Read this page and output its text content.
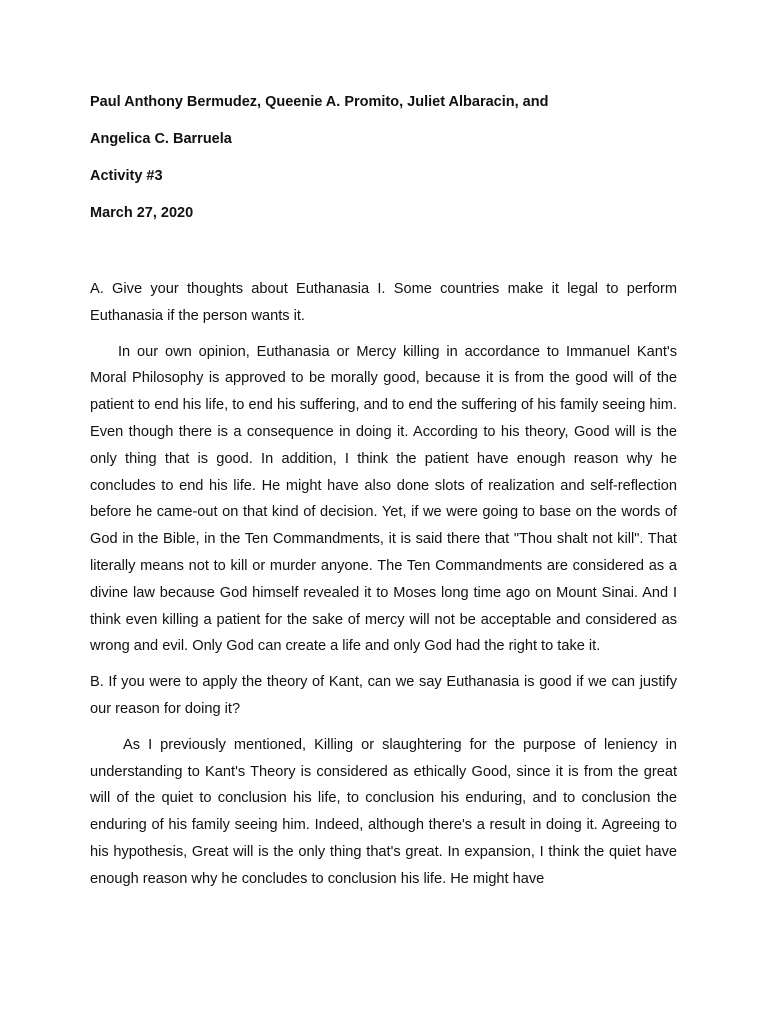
Paul Anthony Bermudez, Queenie A. Promito, Juliet Albaracin, and
Angelica C. Barruela
Activity #3
March 27, 2020

A. Give your thoughts about Euthanasia I. Some countries make it legal to perform Euthanasia if the person wants it.

In our own opinion, Euthanasia or Mercy killing in accordance to Immanuel Kant's Moral Philosophy is approved to be morally good, because it is from the good will of the patient to end his life, to end his suffering, and to end the suffering of his family seeing him. Even though there is a consequence in doing it. According to his theory, Good will is the only thing that is good. In addition, I think the patient have enough reason why he concludes to end his life. He might have also done slots of realization and self-reflection before he came-out on that kind of decision. Yet, if we were going to base on the words of God in the Bible, in the Ten Commandments, it is said there that "Thou shalt not kill". That literally means not to kill or murder anyone. The Ten Commandments are considered as a divine law because God himself revealed it to Moses long time ago on Mount Sinai. And I think even killing a patient for the sake of mercy will not be acceptable and considered as wrong and evil. Only God can create a life and only God had the right to take it.

B. If you were to apply the theory of Kant, can we say Euthanasia is good if we can justify our reason for doing it?

As I previously mentioned, Killing or slaughtering for the purpose of leniency in understanding to Kant's Theory is considered as ethically Good, since it is from the great will of the quiet to conclusion his life, to conclusion his enduring, and to conclusion the enduring of his family seeing him. Indeed, although there's a result in doing it. Agreeing to his hypothesis, Great will is the only thing that's great. In expansion, I think the quiet have enough reason why he concludes to conclusion his life. He might have
